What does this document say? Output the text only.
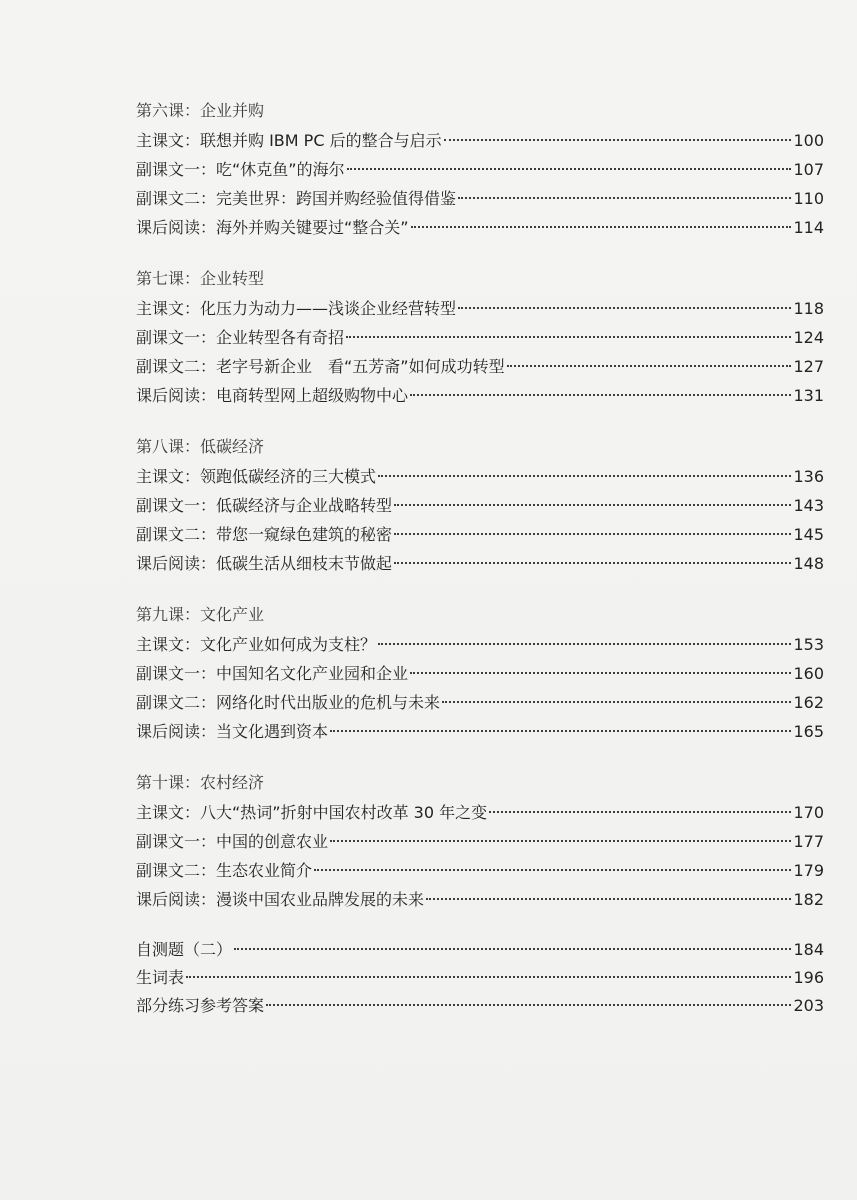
第六课：企业并购
主课文：联想并购 IBM PC 后的整合与启示	100
副课文一：吃“休克鱼”的海尔	107
副课文二：完美世界：跨国并购经验值得借鉴	110
课后阅读：海外并购关键要过“整合关”	114
第七课：企业转型
主课文：化压力为动力——浅谈企业经营转型	118
副课文一：企业转型各有奇招	124
副课文二：老字号新企业　看“五芳斋”如何成功转型	127
课后阅读：电商转型网上超级购物中心	131
第八课：低碳经济
主课文：领跑低碳经济的三大模式	136
副课文一：低碳经济与企业战略转型	143
副课文二：带您一窥绿色建筑的秘密	145
课后阅读：低碳生活从细枝末节做起	148
第九课：文化产业
主课文：文化产业如何成为支柱？	153
副课文一：中国知名文化产业园和企业	160
副课文二：网络化时代出版业的危机与未来	162
课后阅读：当文化遇到资本	165
第十课：农村经济
主课文：八大“热词”折射中国农村改革 30 年之变	170
副课文一：中国的创意农业	177
副课文二：生态农业简介	179
课后阅读：漫谈中国农业品牌发展的未来	182
自测题（二）	184
生词表	196
部分练习参考答案	203
